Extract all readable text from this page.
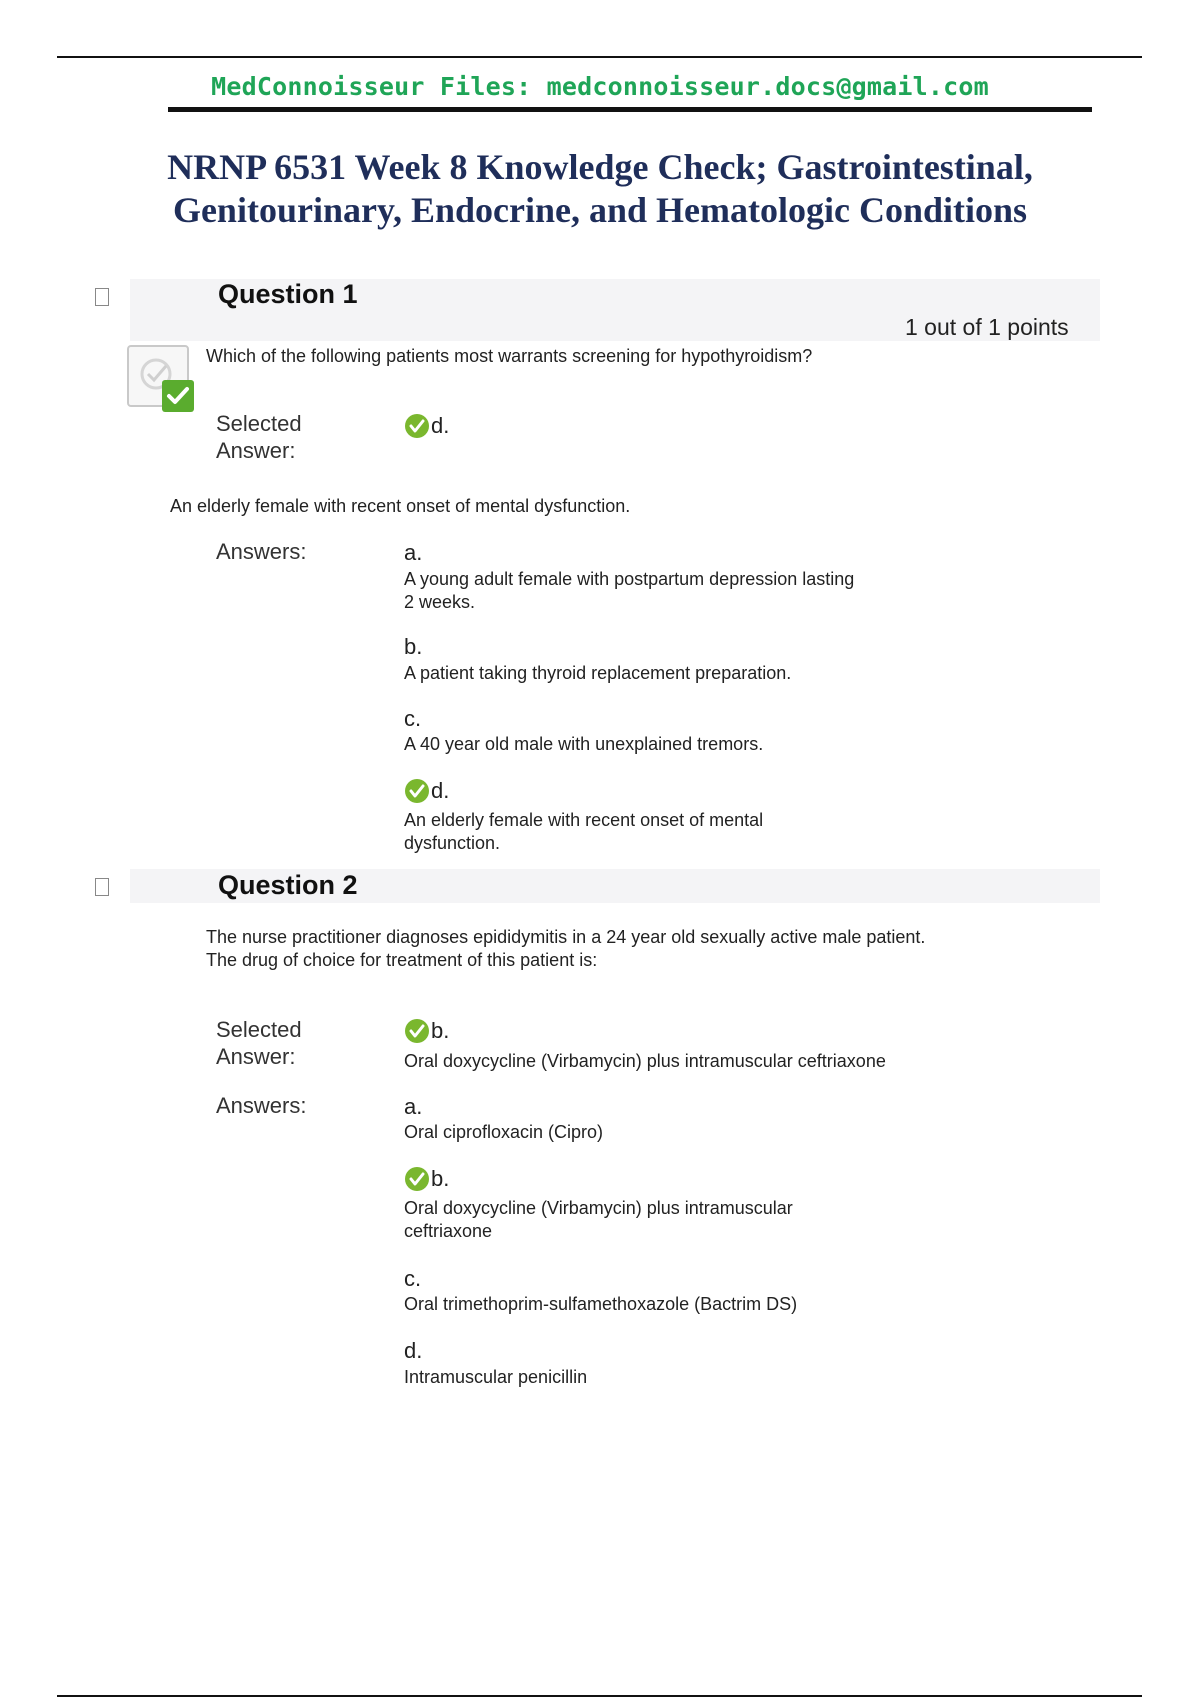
MedConnoisseur Files: medconnoisseur.docs@gmail.com
NRNP 6531 Week 8 Knowledge Check; Gastrointestinal,
Genitourinary, Endocrine, and Hematologic Conditions
Question 1
1 out of 1 points
Which of the following patients most warrants screening for hypothyroidism?
Selected
Answer:
d.
An elderly female with recent onset of mental dysfunction.
Answers:	a.
A young adult female with postpartum depression lasting
2 weeks.
b.
A patient taking thyroid replacement preparation.
c.
A 40 year old male with unexplained tremors.
d.
An elderly female with recent onset of mental
dysfunction.
Question 2
The nurse practitioner diagnoses epididymitis in a 24 year old sexually active male patient.
The drug of choice for treatment of this patient is:
Selected
Answer:
b.
Oral doxycycline (Virbamycin) plus intramuscular ceftriaxone
Answers:	a.
Oral ciprofloxacin (Cipro)
b.
Oral doxycycline (Virbamycin) plus intramuscular
ceftriaxone
c.
Oral trimethoprim-sulfamethoxazole (Bactrim DS)
d.
Intramuscular penicillin
